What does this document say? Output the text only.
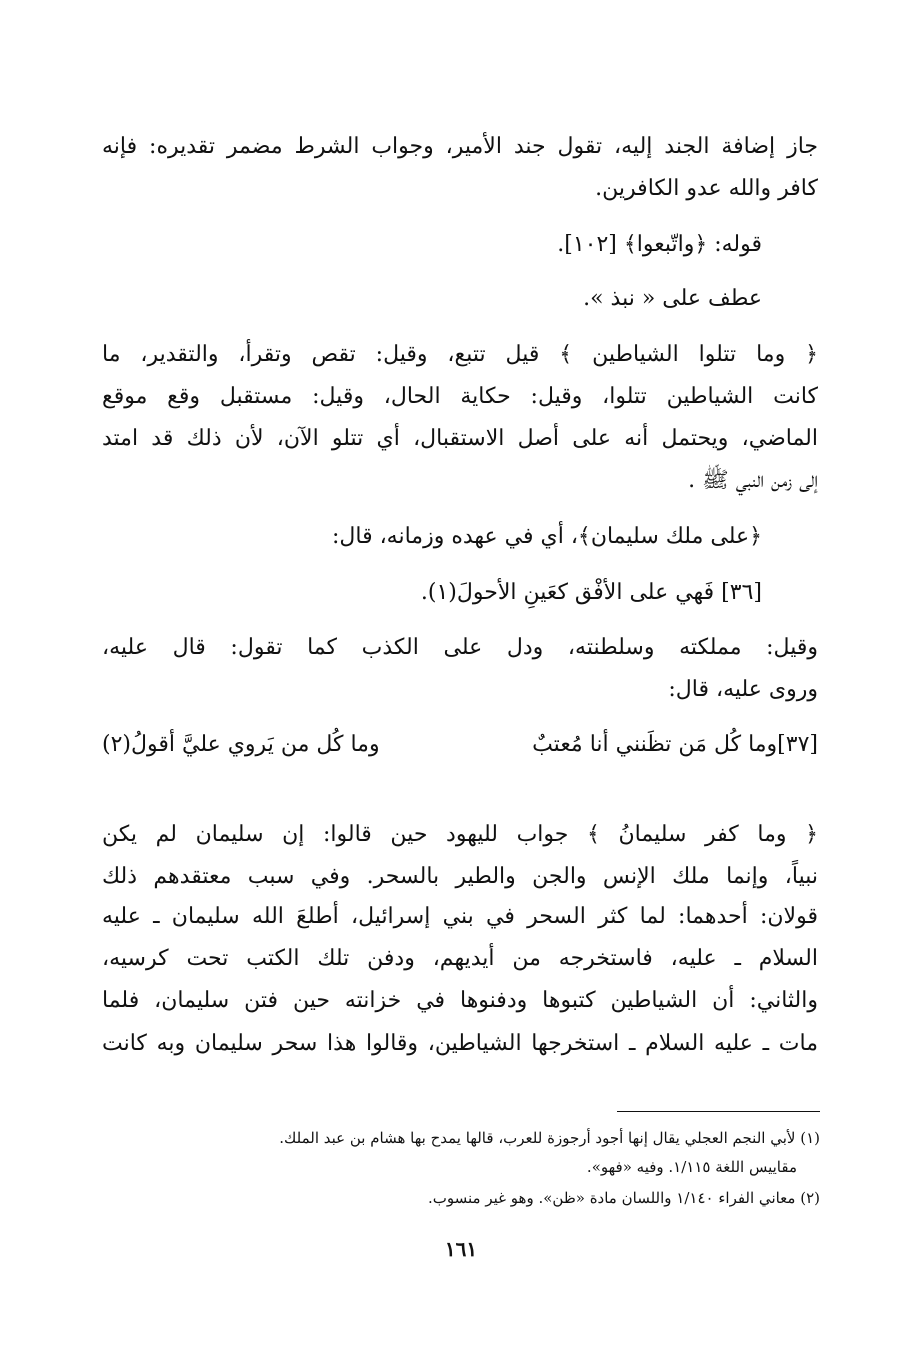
جاز إضافة الجند إليه، تقول جند الأمير، وجواب الشرط مضمر تقديره: فإنه
كافر والله عدو الكافرين.
قوله: ﴿واتّبعوا﴾ [١٠٢].
عطف على « نبذ ».
﴿ وما تتلوا الشياطين ﴾ قيل تتبع، وقيل: تقص وتقرأ، والتقدير، ما
كانت الشياطين تتلوا، وقيل: حكاية الحال، وقيل: مستقبل وقع موقع
الماضي، ويحتمل أنه على أصل الاستقبال، أي تتلو الآن، لأن ذلك قد امتد
إلى زمن النبي ﷺ .
﴿على ملك سليمان﴾، أي في عهده وزمانه، قال:
[٣٦] فَهي على الأفْق كعَينِ الأحولَ(١).
وقيل: مملكته وسلطنته، ودل على الكذب كما تقول: قال عليه،
وروى عليه، قال:
[٣٧]وما كُل مَن تظَنني أنا مُعتبٌ
وما كُل من يَروي عليَّ أقولُ(٢)
﴿ وما كفر سليمانُ ﴾ جواب لليهود حين قالوا: إن سليمان لم يكن
نبياً، وإنما ملك الإنس والجن والطير بالسحر. وفي سبب معتقدهم ذلك
قولان: أحدهما: لما كثر السحر في بني إسرائيل، أطلعَ الله سليمان ـ عليه
السلام ـ عليه، فاستخرجه من أيديهم، ودفن تلك الكتب تحت كرسيه،
والثاني: أن الشياطين كتبوها ودفنوها في خزانته حين فتن سليمان، فلما
مات ـ عليه السلام ـ استخرجها الشياطين، وقالوا هذا سحر سليمان وبه كانت
(١) لأبي النجم العجلي يقال إنها أجود أرجوزة للعرب، قالها يمدح بها هشام بن عبد الملك.
مقاييس اللغة ١/١١٥. وفيه «فهو».
(٢) معاني الفراء ١/١٤٠ واللسان مادة «ظن». وهو غير منسوب.
١٦١
